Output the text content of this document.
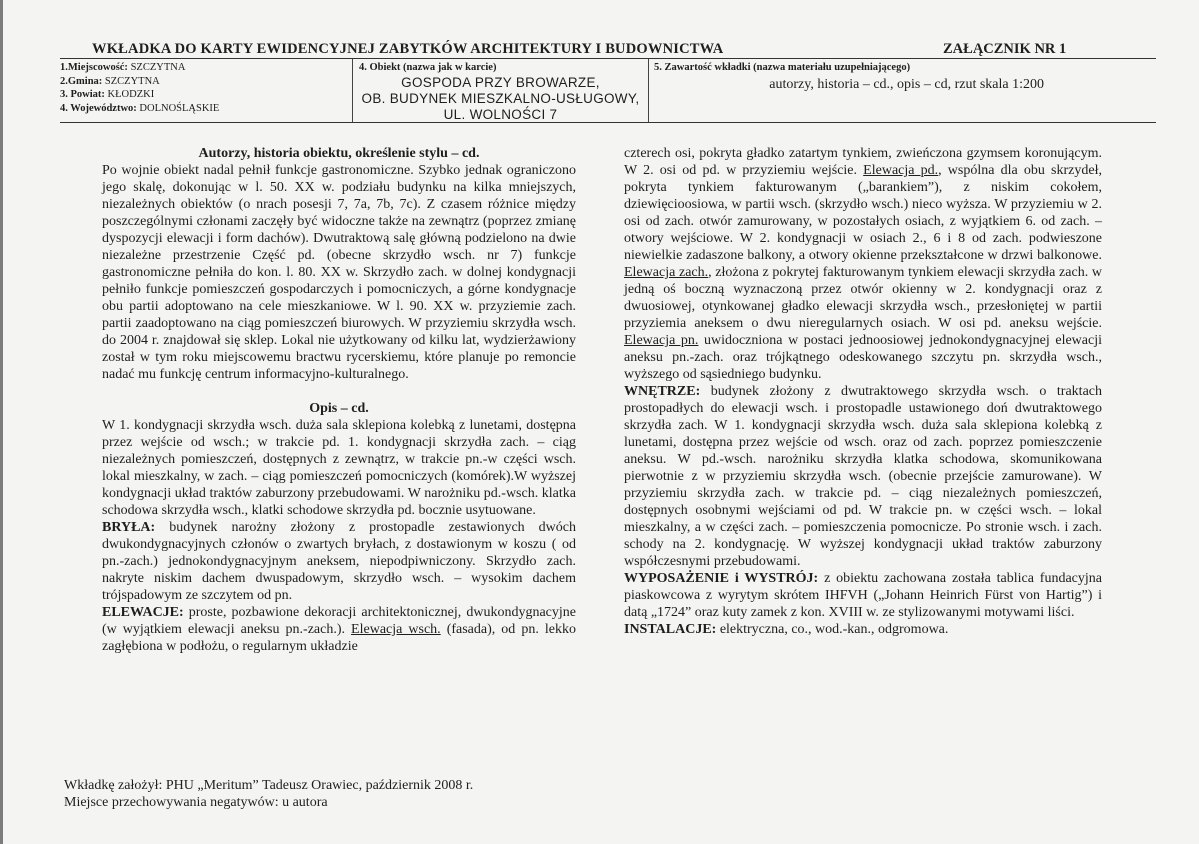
WKŁADKA DO KARTY EWIDENCYJNEJ ZABYTKÓW ARCHITEKTURY I BUDOWNICTWA	ZAŁĄCZNIK NR 1
1.Miejscowość: SZCZYTNA
2.Gmina: SZCZYTNA
3. Powiat: KŁODZKI
4. Województwo: DOLNOŚLĄSKIE
4. Obiekt (nazwa jak w karcie)
GOSPODA PRZY BROWARZE,
OB. BUDYNEK MIESZKALNO-USŁUGOWY,
UL. WOLNOŚCI 7
5. Zawartość wkładki (nazwa materiału uzupełniającego)
autorzy, historia – cd., opis – cd, rzut skala 1:200
Autorzy, historia obiektu, określenie stylu – cd.

Po wojnie obiekt nadal pełnił funkcje gastronomiczne. Szybko jednak ograniczono jego skalę, dokonując w l. 50. XX w. podziału budynku na kilka mniejszych, niezależnych obiektów (o nrach posesji 7, 7a, 7b, 7c). Z czasem różnice między poszczególnymi członami zaczęły być widoczne także na zewnątrz (poprzez zmianę dyspozycji elewacji i form dachów). Dwutraktową salę główną podzielono na dwie niezależne przestrzenie Część pd. (obecne skrzydło wsch. nr 7) funkcje gastronomiczne pełniła do kon. l. 80. XX w. Skrzydło zach. w dolnej kondygnacji pełniło funkcje pomieszczeń gospodarczych i pomocniczych, a górne kondygnacje obu partii adoptowano na cele mieszkaniowe. W l. 90. XX w. przyziemie zach. partii zaadoptowano na ciąg pomieszczeń biurowych. W przyziemiu skrzydła wsch. do 2004 r. znajdował się sklep. Lokal nie użytkowany od kilku lat, wydzierżawiony został w tym roku miejscowemu bractwu rycerskiemu, które planuje po remoncie nadać mu funkcję centrum informacyjno-kulturalnego.

Opis – cd.

W 1. kondygnacji skrzydła wsch. duża sala sklepiona kolebką z lunetami, dostępna przez wejście od wsch.; w trakcie pd. 1. kondygnacji skrzydła zach. – ciąg niezależnych pomieszczeń, dostępnych z zewnątrz, w trakcie pn.-w części wsch. lokal mieszkalny, w zach. – ciąg pomieszczeń pomocniczych (komórek).W wyższej kondygnacji układ traktów zaburzony przebudowami. W narożniku pd.-wsch. klatka schodowa skrzydła wsch., klatki schodowe skrzydła pd. bocznie usytuowane.

BRYŁA: budynek narożny złożony z prostopadle zestawionych dwóch dwukondygnacyjnych członów o zwartych bryłach, z dostawionym w koszu ( od pn.-zach.) jednokondygnacyjnym aneksem, niepodpiwniczony. Skrzydło zach. nakryte niskim dachem dwuspadowym, skrzydło wsch. – wysokim dachem trójspadowym ze szczytem od pn.

ELEWACJE: proste, pozbawione dekoracji architektonicznej, dwukondygnacyjne (w wyjątkiem elewacji aneksu pn.-zach.). Elewacja wsch. (fasada), od pn. lekko zagłębiona w podłożu, o regularnym układzie

czterech osi, pokryta gładko zatartym tynkiem, zwieńczona gzymsem koronującym. W 2. osi od pd. w przyziemiu wejście. Elewacja pd., wspólna dla obu skrzydeł, pokryta tynkiem fakturowanym („barankiem”), z niskim cokołem, dziewięcioosiowa, w partii wsch. (skrzydło wsch.) nieco wyższa. W przyziemiu w 2. osi od zach. otwór zamurowany, w pozostałych osiach, z wyjątkiem 6. od zach. – otwory wejściowe. W 2. kondygnacji w osiach 2., 6 i 8 od zach. podwieszone niewielkie zadaszone balkony, a otwory okienne przekształcone w drzwi balkonowe. Elewacja zach., złożona z pokrytej fakturowanym tynkiem elewacji skrzydła zach. w jedną oś boczną wyznaczoną przez otwór okienny w 2. kondygnacji oraz z dwuosiowej, otynkowanej gładko elewacji skrzydła wsch., przesłoniętej w partii przyziemia aneksem o dwu nieregularnych osiach. W osi pd. aneksu wejście. Elewacja pn. uwidoczniona w postaci jednoosiowej jednokondygnacyjnej elewacji aneksu pn.-zach. oraz trójkątnego odeskowanego szczytu pn. skrzydła wsch., wyższego od sąsiedniego budynku.

WNĘTRZE: budynek złożony z dwutraktowego skrzydła wsch. o traktach prostopadłych do elewacji wsch. i prostopadle ustawionego doń dwutraktowego skrzydła zach. W 1. kondygnacji skrzydła wsch. duża sala sklepiona kolebką z lunetami, dostępna przez wejście od wsch. oraz od zach. poprzez pomieszczenie aneksu. W pd.-wsch. narożniku skrzydła klatka schodowa, skomunikowana pierwotnie z w przyziemiu skrzydła wsch. (obecnie przejście zamurowane). W przyziemiu skrzydła zach. w trakcie pd. – ciąg niezależnych pomieszczeń, dostępnych osobnymi wejściami od pd. W trakcie pn. w części wsch. – lokal mieszkalny, a w części zach. – pomieszczenia pomocnicze. Po stronie wsch. i zach. schody na 2. kondygnację. W wyższej kondygnacji układ traktów zaburzony współczesnymi przebudowami.

WYPOSAŻENIE i WYSTRÓJ: z obiektu zachowana została tablica fundacyjna piaskowcowa z wyrytym skrótem IHFVH („Johann Heinrich Fürst von Hartig”) i datą „1724” oraz kuty zamek z kon. XVIII w. ze stylizowanymi motywami liści.

INSTALACJE: elektryczna, co., wod.-kan., odgromowa.

Wkładkę założył: PHU „Meritum” Tadeusz Orawiec, październik 2008 r.
Miejsce przechowywania negatywów: u autora
